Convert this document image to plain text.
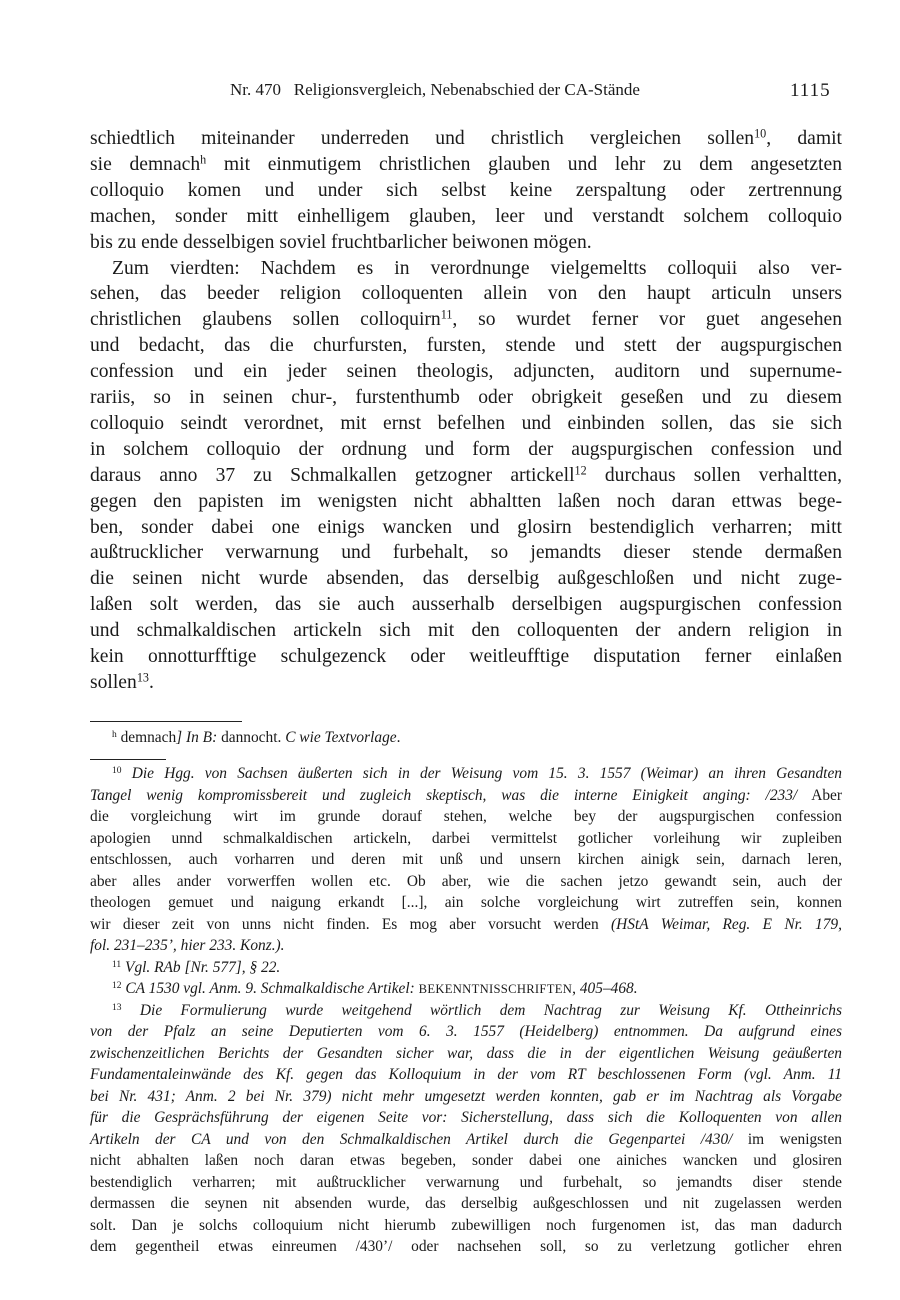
Nr. 470   Religionsvergleich, Nebenabschied der CA-Stände	1115
schiedtlich miteinander underreden und christlich vergleichen sollen$^{10}$, damit
sie demnach$^h$ mit einmutigem christlichen glauben und lehr zu dem angesetzten
colloquio komen und under sich selbst keine zerspaltung oder zertrennung
machen, sonder mitt einhelligem glauben, leer und verstandt solchem colloquio
bis zu ende desselbigen soviel fruchtbarlicher beiwonen mögen.
Zum vierdten: Nachdem es in verordnunge vielgemeltts colloquii also ver-
sehen, das beeder religion colloquenten allein von den haupt articuln unsers
christlichen glaubens sollen colloquirn$^{11}$, so wurdet ferner vor guet angesehen
und bedacht, das die churfursten, fursten, stende und stett der augspurgischen
confession und ein jeder seinen theologis, adjuncten, auditorn und supernume-
rariis, so in seinen chur-, furstenthumb oder obrigkeit geseßen und zu diesem
colloquio seindt verordnet, mit ernst befelhen und einbinden sollen, das sie sich
in solchem colloquio der ordnung und form der augspurgischen confession und
daraus anno 37 zu Schmalkallen getzogner artickell$^{12}$ durchaus sollen verhaltten,
gegen den papisten im wenigsten nicht abhaltten laßen noch daran ettwas bege-
ben, sonder dabei one einigs wancken und glosirn bestendiglich verharren; mitt
außtrucklicher verwarnung und furbehalt, so jemandts dieser stende dermaßen
die seinen nicht wurde absenden, das derselbig außgeschloßen und nicht zuge-
laßen solt werden, das sie auch ausserhalb derselbigen augspurgischen confession
und schmalkaldischen artickeln sich mit den colloquenten der andern religion in
kein onnotturfftige schulgezenck oder weitleufftige disputation ferner einlaßen
sollen$^{13}$.
$^h$ demnach] In B: dannocht. C wie Textvorlage.
$^{10}$ Die Hgg. von Sachsen äußerten sich in der Weisung vom 15. 3. 1557 (Weimar) an ihren Gesandten
Tangel wenig kompromissbereit und zugleich skeptisch, was die interne Einigkeit anging: /233/ Aber
die vorgleichung wirt im grunde dorauf stehen, welche bey der augspurgischen confession
apologien unnd schmalkaldischen artickeln, darbei vermittelst gotlicher vorleihung wir zupleiben
entschlossen, auch vorharren und deren mit unß und unsern kirchen ainigk sein, darnach leren,
aber alles ander vorwerffen wollen etc. Ob aber, wie die sachen jetzo gewandt sein, auch der
theologen gemuet und naigung erkandt [...], ain solche vorgleichung wirt zutreffen sein, konnen
wir dieser zeit von unns nicht finden. Es mog aber vorsucht werden (HStA Weimar, Reg. E Nr. 179,
fol. 231–235’, hier 233. Konz.).
$^{11}$ Vgl. RAb [Nr. 577], § 22.
$^{12}$ CA 1530 vgl. Anm. 9. Schmalkaldische Artikel: BEKENNTNISSCHRIFTEN, 405–468.
$^{13}$ Die Formulierung wurde weitgehend wörtlich dem Nachtrag zur Weisung Kf. Ottheinrichs
von der Pfalz an seine Deputierten vom 6. 3. 1557 (Heidelberg) entnommen. Da aufgrund eines
zwischenzeitlichen Berichts der Gesandten sicher war, dass die in der eigentlichen Weisung geäußerten
Fundamentaleinwände des Kf. gegen das Kolloquium in der vom RT beschlossenen Form (vgl. Anm. 11
bei Nr. 431; Anm. 2 bei Nr. 379) nicht mehr umgesetzt werden konnten, gab er im Nachtrag als Vorgabe
für die Gesprächsführung der eigenen Seite vor: Sicherstellung, dass sich die Kolloquenten von allen
Artikeln der CA und von den Schmalkaldischen Artikel durch die Gegenpartei /430/ im wenigsten
nicht abhalten laßen noch daran etwas begeben, sonder dabei one ainiches wancken und glosiren
bestendiglich verharren; mit außtrucklicher verwarnung und furbehalt, so jemandts diser stende
dermassen die seynen nit absenden wurde, das derselbig außgeschlossen und nit zugelassen werden
solt. Dan je solchs colloquium nicht hierumb zubewilligen noch furgenomen ist, das man dadurch
dem gegentheil etwas einreumen /430’/ oder nachsehen soll, so zu verletzung gotlicher ehren
